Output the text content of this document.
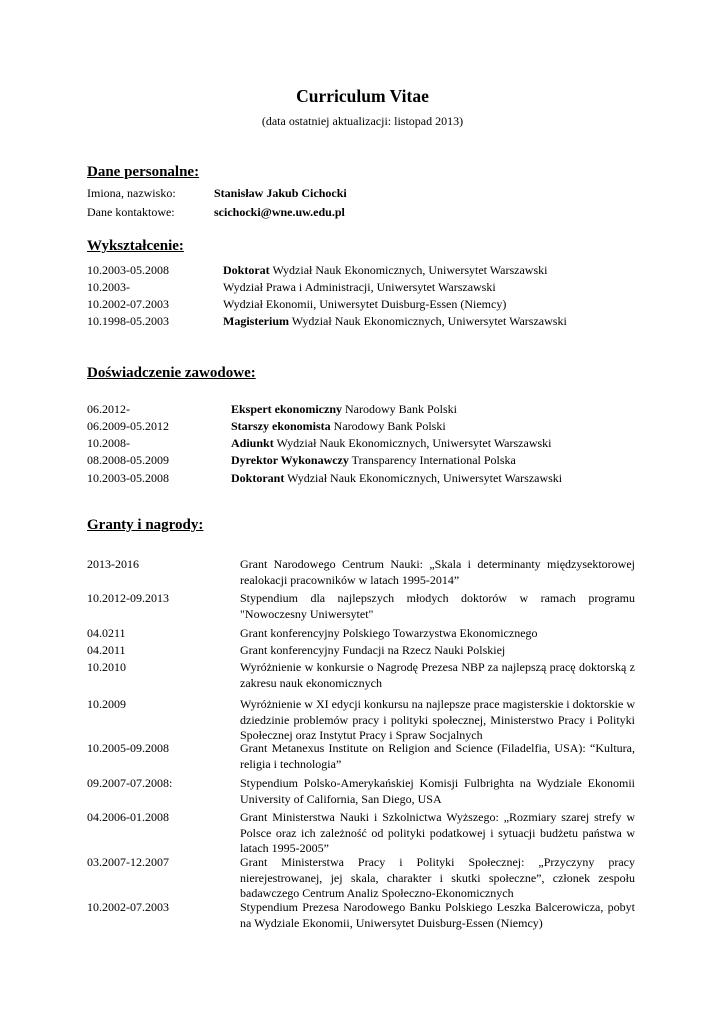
Curriculum Vitae
(data ostatniej aktualizacji: listopad 2013)
Dane personalne:
Imiona, nazwisko:	Stanisław Jakub Cichocki
Dane kontaktowe:	scichocki@wne.uw.edu.pl
Wykształcenie:
10.2003-05.2008	Doktorat Wydział Nauk Ekonomicznych, Uniwersytet Warszawski
10.2003-	Wydział Prawa i Administracji, Uniwersytet Warszawski
10.2002-07.2003	Wydział Ekonomii, Uniwersytet Duisburg-Essen (Niemcy)
10.1998-05.2003	Magisterium Wydział Nauk Ekonomicznych, Uniwersytet Warszawski
Doświadczenie zawodowe:
06.2012-	Ekspert ekonomiczny Narodowy Bank Polski
06.2009-05.2012	Starszy ekonomista Narodowy Bank Polski
10.2008-	Adiunkt Wydział Nauk Ekonomicznych, Uniwersytet Warszawski
08.2008-05.2009	Dyrektor Wykonawczy Transparency International Polska
10.2003-05.2008	Doktorant Wydział Nauk Ekonomicznych, Uniwersytet Warszawski
Granty i nagrody:
2013-2016	Grant Narodowego Centrum Nauki: „Skala i determinanty międzysektorowej realokacji pracowników w latach 1995-2014”
10.2012-09.2013	Stypendium dla najlepszych młodych doktorów w ramach programu "Nowoczesny Uniwersytet"
04.0211	Grant konferencyjny Polskiego Towarzystwa Ekonomicznego
04.2011	Grant konferencyjny Fundacji na Rzecz Nauki Polskiej
10.2010	Wyróżnienie w konkursie o Nagrodę Prezesa NBP za najlepszą pracę doktorską z zakresu nauk ekonomicznych
10.2009	Wyróżnienie w XI edycji konkursu na najlepsze prace magisterskie i doktorskie w dziedzinie problemów pracy i polityki społecznej, Ministerstwo Pracy i Polityki Społecznej oraz Instytut Pracy i Spraw Socjalnych
10.2005-09.2008	Grant Metanexus Institute on Religion and Science (Filadelfia, USA): “Kultura, religia i technologia”
09.2007-07.2008:	Stypendium Polsko-Amerykańskiej Komisji Fulbrighta na Wydziale Ekonomii University of California, San Diego, USA
04.2006-01.2008	Grant Ministerstwa Nauki i Szkolnictwa Wyższego: „Rozmiary szarej strefy w Polsce oraz ich zależność od polityki podatkowej i sytuacji budżetu państwa w latach 1995-2005”
03.2007-12.2007	Grant Ministerstwa Pracy i Polityki Społecznej: „Przyczyny pracy nierejestrowanej, jej skala, charakter i skutki społeczne”, członek zespołu badawczego Centrum Analiz Społeczno-Ekonomicznych
10.2002-07.2003	Stypendium Prezesa Narodowego Banku Polskiego Leszka Balcerowicza, pobyt na Wydziale Ekonomii, Uniwersytet Duisburg-Essen (Niemcy)
